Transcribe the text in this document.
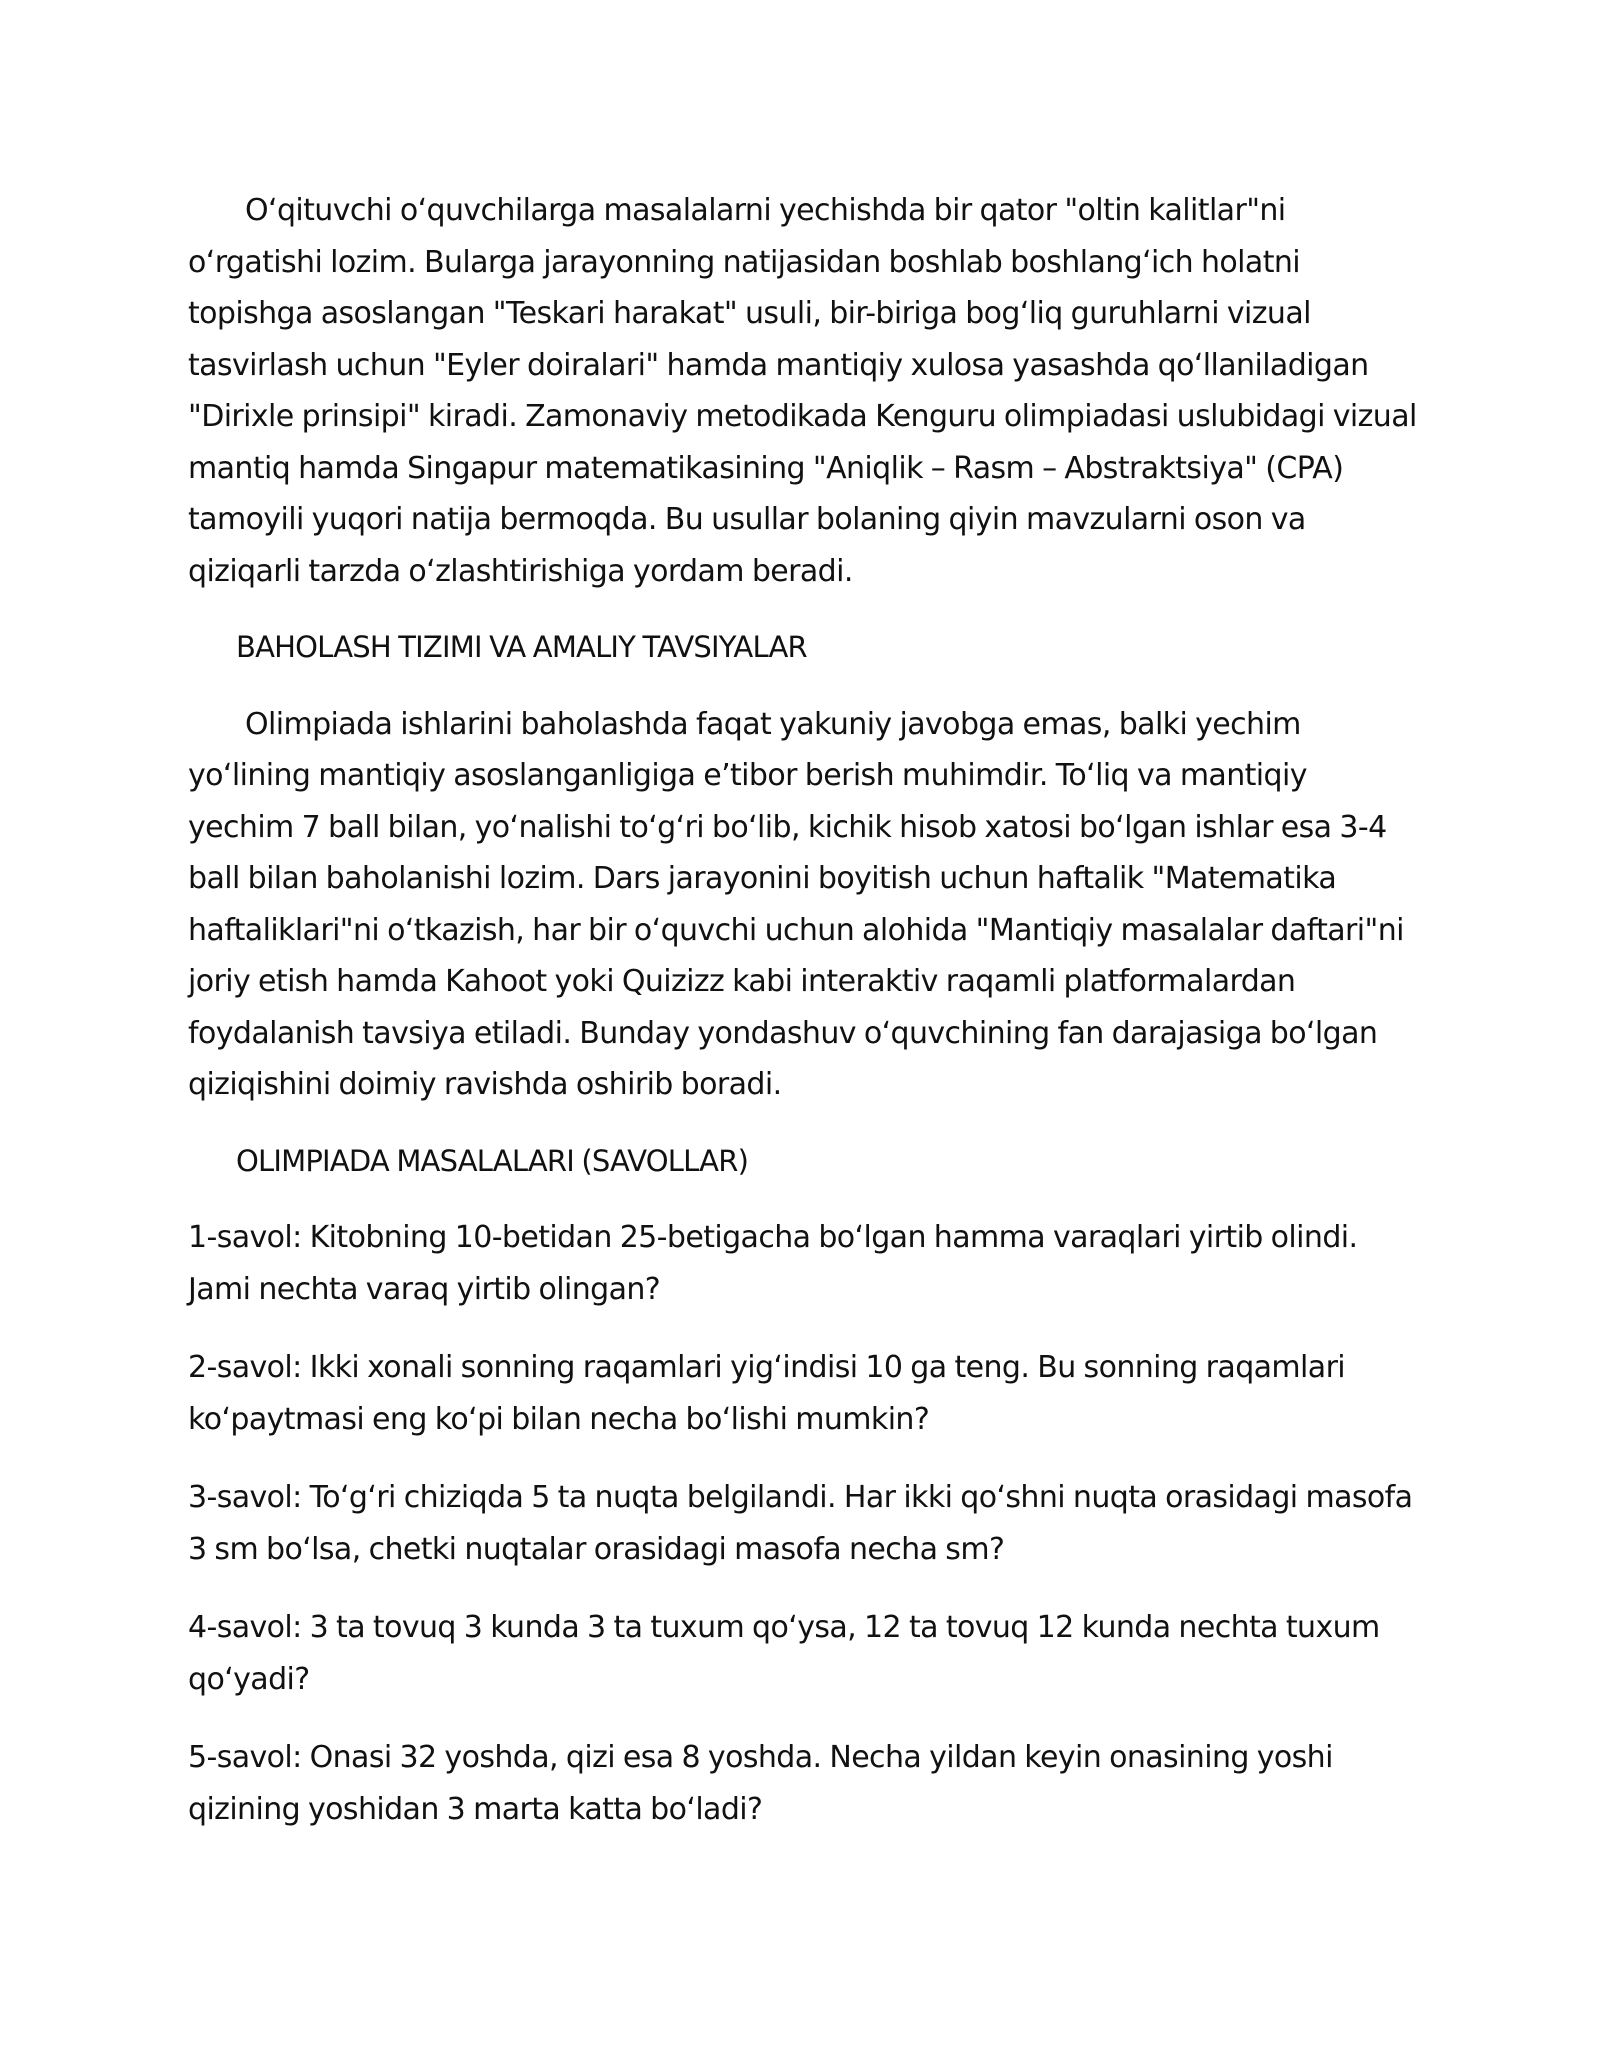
O‘qituvchi o‘quvchilarga masalalarni yechishda bir qator "oltin kalitlar"ni o‘rgatishi lozim. Bularga jarayonning natijasidan boshlab boshlang‘ich holatni topishga asoslangan "Teskari harakat" usuli, bir-biriga bog‘liq guruhlarni vizual tasvirlash uchun "Eyler doiralari" hamda mantiqiy xulosa yasashda qo‘llaniladigan "Dirixle prinsipi" kiradi. Zamonaviy metodikada Kenguru olimpiadasi uslubidagi vizual mantiq hamda Singapur matematikasining "Aniqlik – Rasm – Abstraktsiya" (CPA) tamoyili yuqori natija bermoqda. Bu usullar bolaning qiyin mavzularni oson va qiziqarli tarzda o‘zlashtirishiga yordam beradi.

BAHOLASH TIZIMI VA AMALIY TAVSIYALAR

Olimpiada ishlarini baholashda faqat yakuniy javobga emas, balki yechim yo‘lining mantiqiy asoslanganligiga e’tibor berish muhimdir. To‘liq va mantiqiy yechim 7 ball bilan, yo‘nalishi to‘g‘ri bo‘lib, kichik hisob xatosi bo‘lgan ishlar esa 3-4 ball bilan baholanishi lozim. Dars jarayonini boyitish uchun haftalik "Matematika haftaliklari"ni o‘tkazish, har bir o‘quvchi uchun alohida "Mantiqiy masalalar daftari"ni joriy etish hamda Kahoot yoki Quizizz kabi interaktiv raqamli platformalardan foydalanish tavsiya etiladi. Bunday yondashuv o‘quvchining fan darajasiga bo‘lgan qiziqishini doimiy ravishda oshirib boradi.

OLIMPIADA MASALALARI (SAVOLLAR)

1-savol: Kitobning 10-betidan 25-betigacha bo‘lgan hamma varaqlari yirtib olindi. Jami nechta varaq yirtib olingan?

2-savol: Ikki xonali sonning raqamlari yig‘indisi 10 ga teng. Bu sonning raqamlari ko‘paytmasi eng ko‘pi bilan necha bo‘lishi mumkin?

3-savol: To‘g‘ri chiziqda 5 ta nuqta belgilandi. Har ikki qo‘shni nuqta orasidagi masofa 3 sm bo‘lsa, chetki nuqtalar orasidagi masofa necha sm?

4-savol: 3 ta tovuq 3 kunda 3 ta tuxum qo‘ysa, 12 ta tovuq 12 kunda nechta tuxum qo‘yadi?

5-savol: Onasi 32 yoshda, qizi esa 8 yoshda. Necha yildan keyin onasining yoshi qizining yoshidan 3 marta katta bo‘ladi?
